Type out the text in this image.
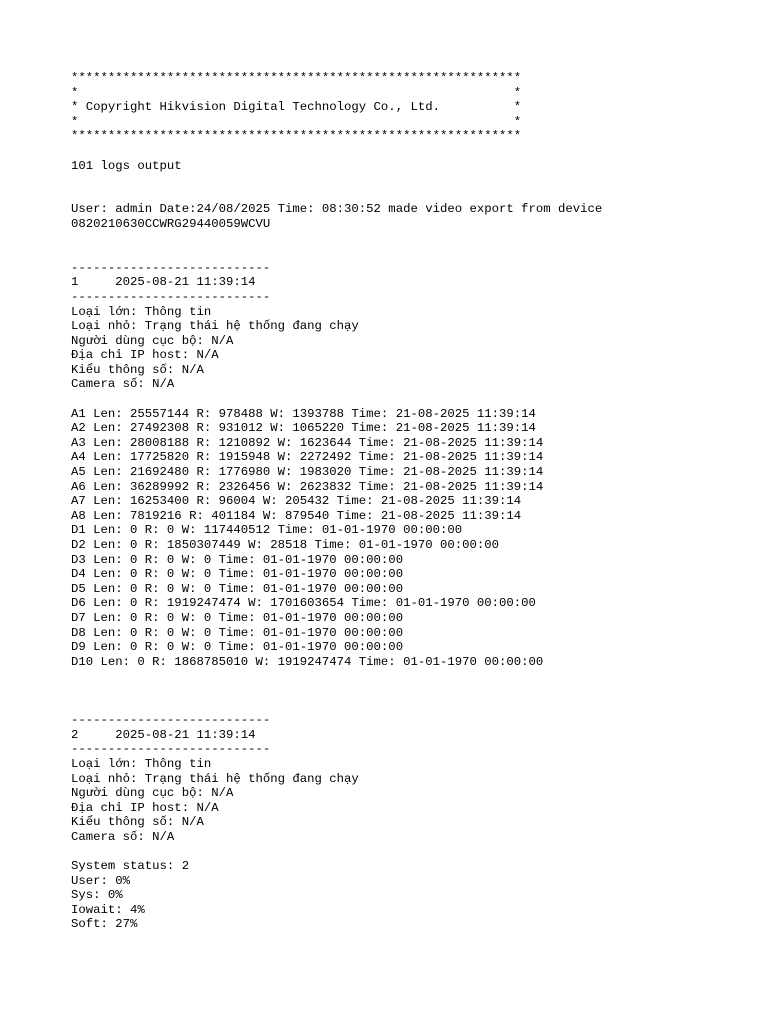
*************************************************************
*                                                           *
* Copyright Hikvision Digital Technology Co., Ltd.          *
*                                                           *
*************************************************************
101 logs output
User: admin Date:24/08/2025 Time: 08:30:52 made video export from device
0820210630CCWRG29440059WCVU
---------------------------
1     2025-08-21 11:39:14
---------------------------
Loại lớn: Thông tin
Loại nhỏ: Trạng thái hệ thống đang chạy
Người dùng cục bộ: N/A
Địa chỉ IP host: N/A
Kiểu thông số: N/A
Camera số: N/A
A1 Len: 25557144 R: 978488 W: 1393788 Time: 21-08-2025 11:39:14
A2 Len: 27492308 R: 931012 W: 1065220 Time: 21-08-2025 11:39:14
A3 Len: 28008188 R: 1210892 W: 1623644 Time: 21-08-2025 11:39:14
A4 Len: 17725820 R: 1915948 W: 2272492 Time: 21-08-2025 11:39:14
A5 Len: 21692480 R: 1776980 W: 1983020 Time: 21-08-2025 11:39:14
A6 Len: 36289992 R: 2326456 W: 2623832 Time: 21-08-2025 11:39:14
A7 Len: 16253400 R: 96004 W: 205432 Time: 21-08-2025 11:39:14
A8 Len: 7819216 R: 401184 W: 879540 Time: 21-08-2025 11:39:14
D1 Len: 0 R: 0 W: 117440512 Time: 01-01-1970 00:00:00
D2 Len: 0 R: 1850307449 W: 28518 Time: 01-01-1970 00:00:00
D3 Len: 0 R: 0 W: 0 Time: 01-01-1970 00:00:00
D4 Len: 0 R: 0 W: 0 Time: 01-01-1970 00:00:00
D5 Len: 0 R: 0 W: 0 Time: 01-01-1970 00:00:00
D6 Len: 0 R: 1919247474 W: 1701603654 Time: 01-01-1970 00:00:00
D7 Len: 0 R: 0 W: 0 Time: 01-01-1970 00:00:00
D8 Len: 0 R: 0 W: 0 Time: 01-01-1970 00:00:00
D9 Len: 0 R: 0 W: 0 Time: 01-01-1970 00:00:00
D10 Len: 0 R: 1868785010 W: 1919247474 Time: 01-01-1970 00:00:00
---------------------------
2     2025-08-21 11:39:14
---------------------------
Loại lớn: Thông tin
Loại nhỏ: Trạng thái hệ thống đang chạy
Người dùng cục bộ: N/A
Địa chỉ IP host: N/A
Kiểu thông số: N/A
Camera số: N/A
System status: 2
User: 0%
Sys: 0%
Iowait: 4%
Soft: 27%
